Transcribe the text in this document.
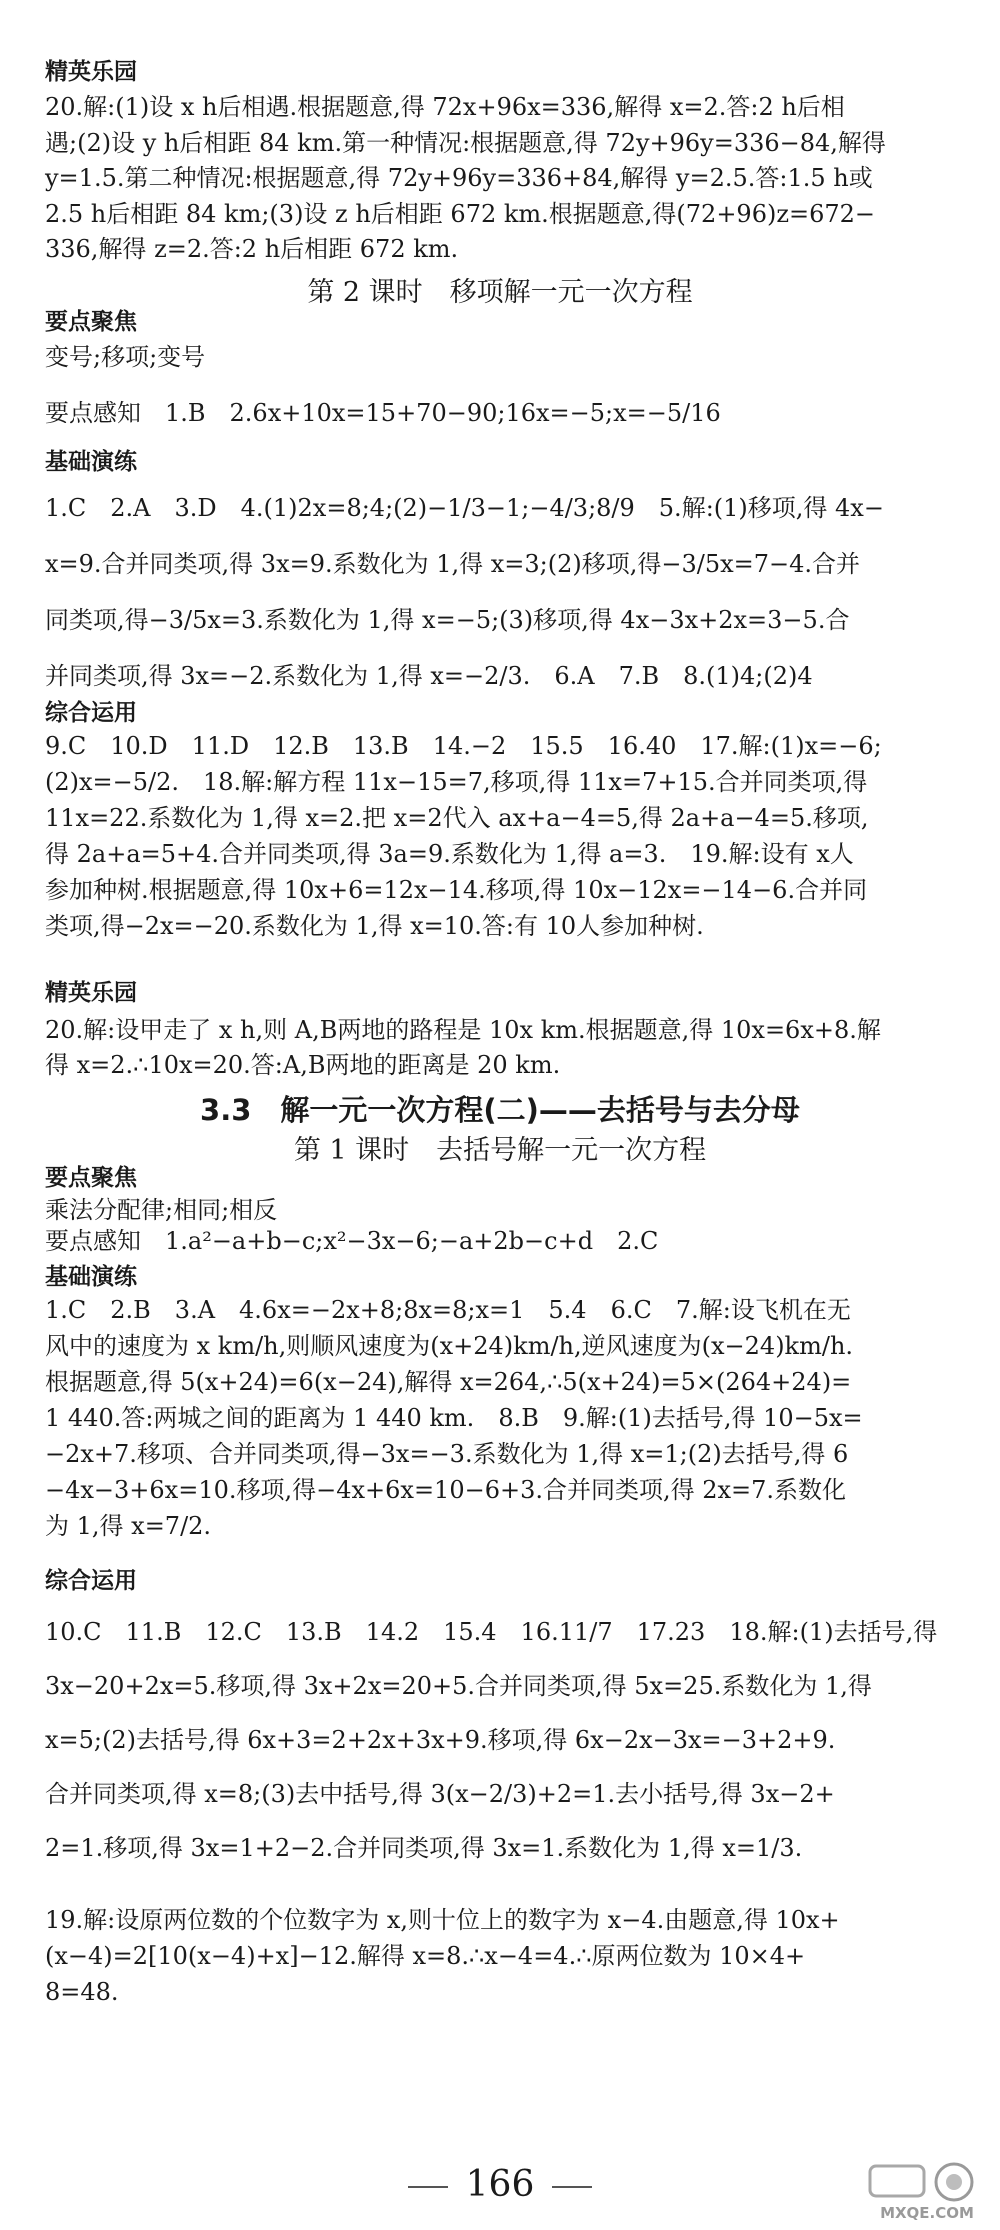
精英乐园
20.解:(1)设 x h后相遇.根据题意,得 72x+96x=336,解得 x=2.答:2 h后相
遇;(2)设 y h后相距 84 km.第一种情况:根据题意,得 72y+96y=336−84,解得
y=1.5.第二种情况:根据题意,得 72y+96y=336+84,解得 y=2.5.答:1.5 h或
2.5 h后相距 84 km;(3)设 z h后相距 672 km.根据题意,得(72+96)z=672−
336,解得 z=2.答:2 h后相距 672 km.
第 2 课时　移项解一元一次方程
要点聚焦
变号;移项;变号
要点感知　1.B　2.6x+10x=15+70−90;16x=−5;x=−5/16
基础演练
1.C　2.A　3.D　4.(1)2x=8;4;(2)−1/3−1;−4/3;8/9　5.解:(1)移项,得 4x−
x=9.合并同类项,得 3x=9.系数化为 1,得 x=3;(2)移项,得−3/5x=7−4.合并
同类项,得−3/5x=3.系数化为 1,得 x=−5;(3)移项,得 4x−3x+2x=3−5.合
并同类项,得 3x=−2.系数化为 1,得 x=−2/3.　6.A　7.B　8.(1)4;(2)4
综合运用
9.C　10.D　11.D　12.B　13.B　14.−2　15.5　16.40　17.解:(1)x=−6;
(2)x=−5/2.　18.解:解方程 11x−15=7,移项,得 11x=7+15.合并同类项,得
11x=22.系数化为 1,得 x=2.把 x=2代入 ax+a−4=5,得 2a+a−4=5.移项,
得 2a+a=5+4.合并同类项,得 3a=9.系数化为 1,得 a=3.　19.解:设有 x人
参加种树.根据题意,得 10x+6=12x−14.移项,得 10x−12x=−14−6.合并同
类项,得−2x=−20.系数化为 1,得 x=10.答:有 10人参加种树.
精英乐园
20.解:设甲走了 x h,则 A,B两地的路程是 10x km.根据题意,得 10x=6x+8.解
得 x=2.∴10x=20.答:A,B两地的距离是 20 km.
3.3　解一元一次方程(二)——去括号与去分母
第 1 课时　去括号解一元一次方程
要点聚焦
乘法分配律;相同;相反
要点感知　1.a²−a+b−c;x²−3x−6;−a+2b−c+d　2.C
基础演练
1.C　2.B　3.A　4.6x=−2x+8;8x=8;x=1　5.4　6.C　7.解:设飞机在无
风中的速度为 x km/h,则顺风速度为(x+24)km/h,逆风速度为(x−24)km/h.
根据题意,得 5(x+24)=6(x−24),解得 x=264,∴5(x+24)=5×(264+24)=
1 440.答:两城之间的距离为 1 440 km.　8.B　9.解:(1)去括号,得 10−5x=
−2x+7.移项、合并同类项,得−3x=−3.系数化为 1,得 x=1;(2)去括号,得 6
−4x−3+6x=10.移项,得−4x+6x=10−6+3.合并同类项,得 2x=7.系数化
为 1,得 x=7/2.
综合运用
10.C　11.B　12.C　13.B　14.2　15.4　16.11/7　17.23　18.解:(1)去括号,得
3x−20+2x=5.移项,得 3x+2x=20+5.合并同类项,得 5x=25.系数化为 1,得
x=5;(2)去括号,得 6x+3=2+2x+3x+9.移项,得 6x−2x−3x=−3+2+9.
合并同类项,得 x=8;(3)去中括号,得 3(x−2/3)+2=1.去小括号,得 3x−2+
2=1.移项,得 3x=1+2−2.合并同类项,得 3x=1.系数化为 1,得 x=1/3.
19.解:设原两位数的个位数字为 x,则十位上的数字为 x−4.由题意,得 10x+
(x−4)=2[10(x−4)+x]−12.解得 x=8.∴x−4=4.∴原两位数为 10×4+
8=48.
166
MXQE.COM
